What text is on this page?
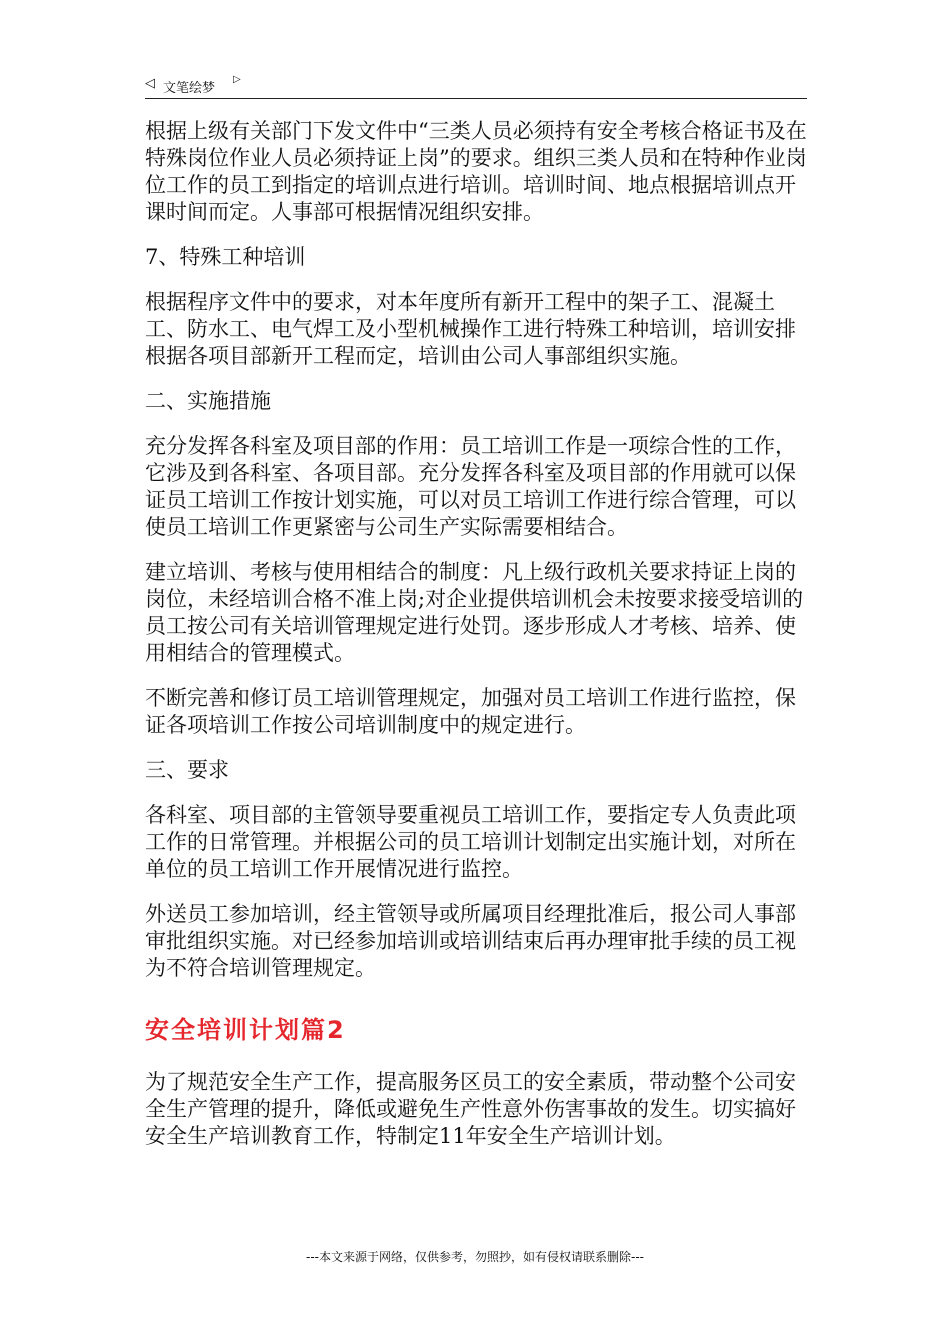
◁ 文笔绘梦
▷

根据上级有关部门下发文件中“三类人员必须持有安全考核合格证书及在特殊岗位作业人员必须持证上岗”的要求。组织三类人员和在特种作业岗位工作的员工到指定的培训点进行培训。培训时间、地点根据培训点开课时间而定。人事部可根据情况组织安排。

7、特殊工种培训

根据程序文件中的要求，对本年度所有新开工程中的架子工、混凝土工、防水工、电气焊工及小型机械操作工进行特殊工种培训，培训安排根据各项目部新开工程而定，培训由公司人事部组织实施。

二、实施措施

充分发挥各科室及项目部的作用：员工培训工作是一项综合性的工作，它涉及到各科室、各项目部。充分发挥各科室及项目部的作用就可以保证员工培训工作按计划实施，可以对员工培训工作进行综合管理，可以使员工培训工作更紧密与公司生产实际需要相结合。

建立培训、考核与使用相结合的制度：凡上级行政机关要求持证上岗的岗位，未经培训合格不准上岗;对企业提供培训机会未按要求接受培训的员工按公司有关培训管理规定进行处罚。逐步形成人才考核、培养、使用相结合的管理模式。

不断完善和修订员工培训管理规定，加强对员工培训工作进行监控，保证各项培训工作按公司培训制度中的规定进行。

三、要求

各科室、项目部的主管领导要重视员工培训工作，要指定专人负责此项工作的日常管理。并根据公司的员工培训计划制定出实施计划，对所在单位的员工培训工作开展情况进行监控。

外送员工参加培训，经主管领导或所属项目经理批准后，报公司人事部审批组织实施。对已经参加培训或培训结束后再办理审批手续的员工视为不符合培训管理规定。

安全培训计划篇2

为了规范安全生产工作，提高服务区员工的安全素质，带动整个公司安全生产管理的提升，降低或避免生产性意外伤害事故的发生。切实搞好安全生产培训教育工作，特制定11年安全生产培训计划。

---本文来源于网络，仅供参考，勿照抄，如有侵权请联系删除---
